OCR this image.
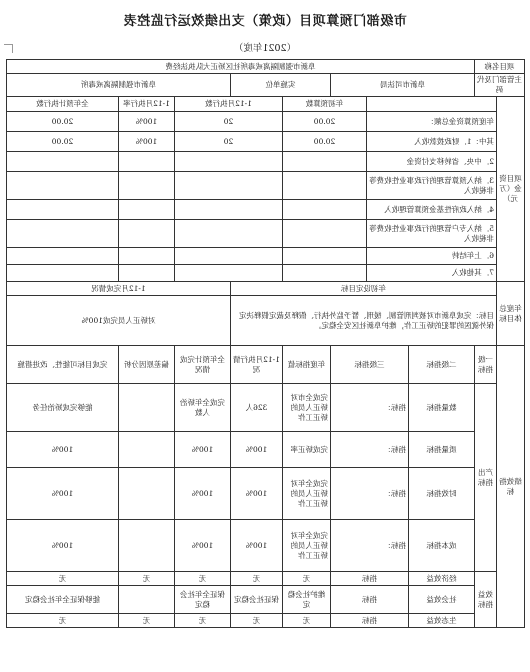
市级部门预算项目（政策）支出绩效运行监控表
（2021年度）
项目名称		阜新市强制隔离戒毒所社区矫正大队执法经费							
主管部门及代码		阜新市司法局			实施单位		阜新市强制隔离戒毒所		
项目资金（万元）				年初预算数		1-12月执行数		1-12月执行率	全年预计执行数
	年度预算资金总额：			20.00		20		100%	20.00
	其中：1．财政拨款收入			20.00		20		100%	20.00
	2．中央、省转移支付资金								
	3．纳入预算管理的行政事业性收费等非税收入								
	4．纳入政府性基金预算管理收入								
	5．纳入专户管理的行政事业性收费等非税收入								
	6．上年结转								
	7．其他收入								
年度总体目标	年初设定目标						1-12月完成情况		
	目标：完成阜新市对被判刑管制、缓刑、暂予监外执行、假释及裁定假释决定保外就医的罪犯的矫正工作，维护阜新社区安全稳定。						对矫正人员完成100%		
绩效指标	一级指标	二级指标	三级指标		年度指标值	1-12月执行情况	全年预计完成情况	偏差原因分析	完成目标可能性、改进措施
	产出指标	数量指标	指标：		完成全市对矫正人员的矫正工作	326人	完成全年矫治人数		能够完成矫治任务
		质量指标	指标：		完成矫正率	100%	100%		100%
		时效指标	指标：		完成全年对矫正人员的矫正工作	100%	100%		100%
		成本指标	指标：		完成全年对矫正人员的矫正工作	100%	100%		100%
	效益指标	经济效益	指标		无	无	无	无	无
		社会效益	指标		维护社会稳定	保证社会稳定	保证全年社会稳定		能够保证全年社会稳定
		生态效益	指标		无	无	无	无	无
